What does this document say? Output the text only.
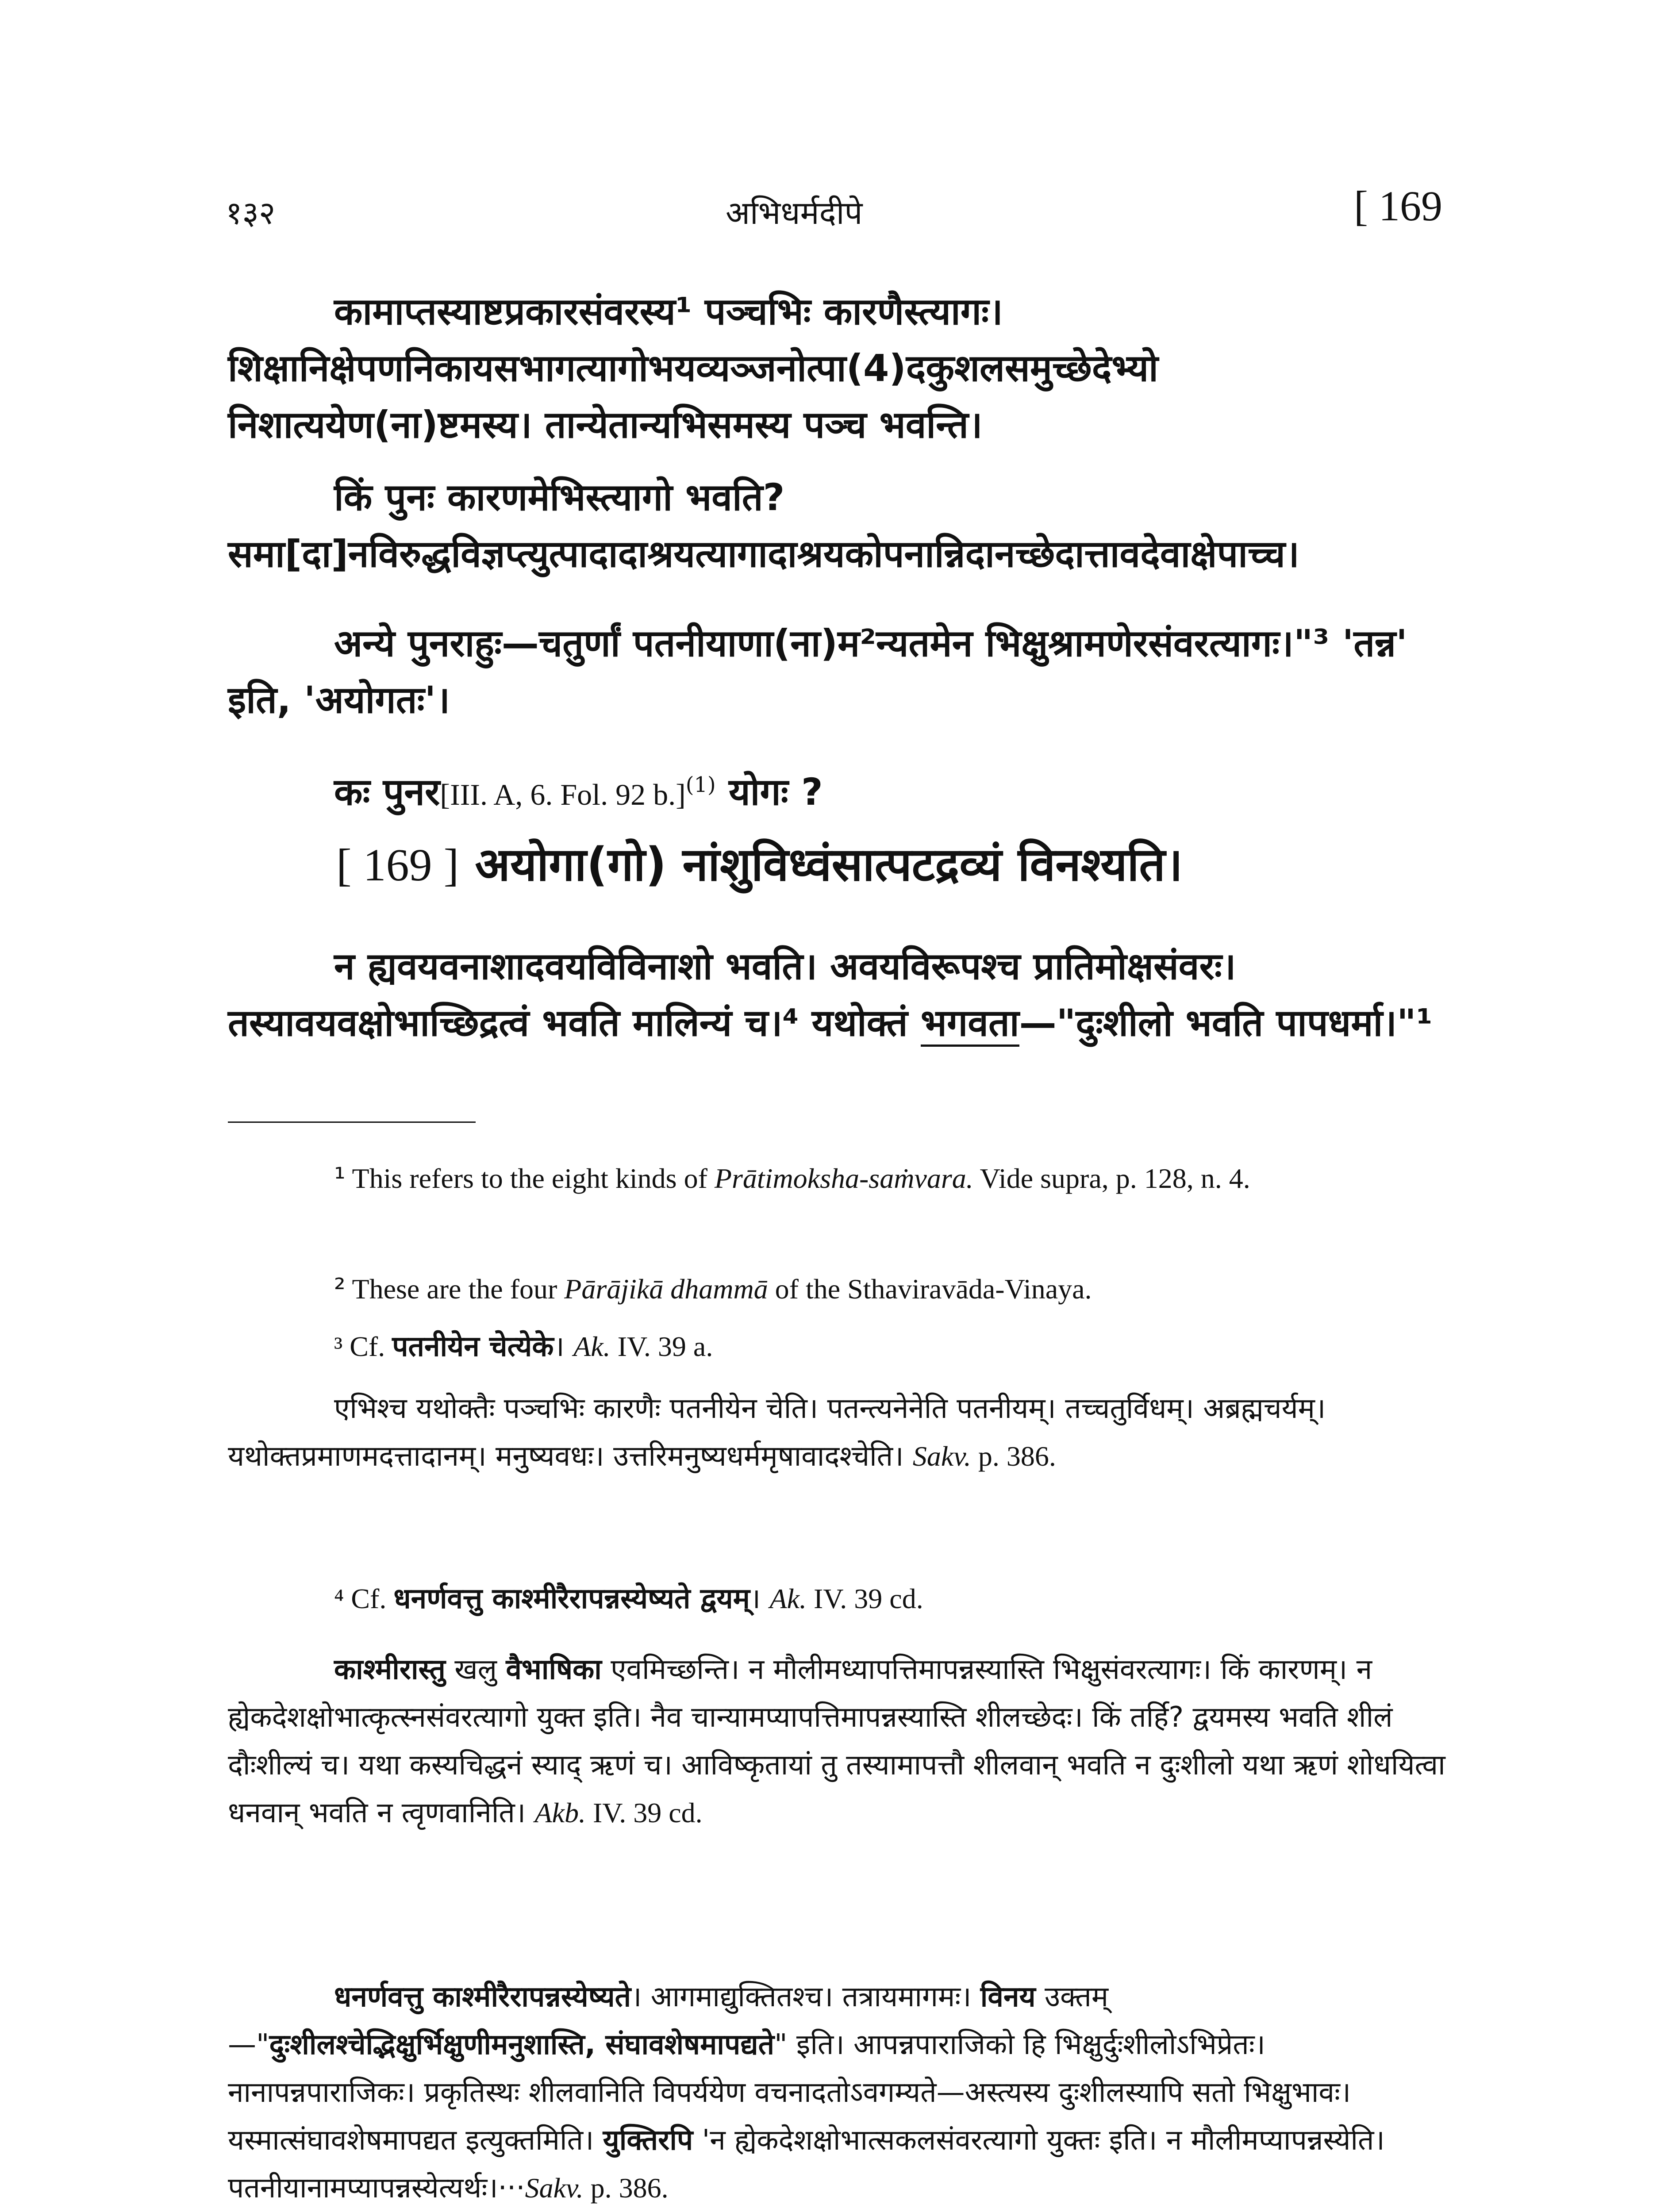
१३२	अभिधर्मदीपे	[ 169

कामाप्तस्याष्टप्रकारसंवरस्य¹ पञ्चभिः कारणैस्त्यागः। शिक्षानिक्षेपणनिकायसभागत्यागोभयव्यञ्जनोत्पा(4)दकुशलसमुच्छेदेभ्यो निशात्ययेण(ना)ष्टमस्य। तान्येतान्यभिसमस्य पञ्च भवन्ति।

किं पुनः कारणमेभिस्त्यागो भवति? समा[दा]नविरुद्धविज्ञप्त्युत्पादादाश्रयत्यागादाश्रयकोपनान्निदानच्छेदात्तावदेवाक्षेपाच्च।

अन्ये पुनराहुः—चतुर्णां पतनीयाणा(ना)म²न्यतमेन भिक्षुश्रामणेरसंवरत्यागः।"³ 'तन्न' इति, 'अयोगतः'।

कः पुनर[III. A, 6. Fol. 92 b.]$^{(1)}$ योगः ?

[ 169 ] अयोगा(गो) नांशुविध्वंसात्पटद्रव्यं विनश्यति।

न ह्यवयवनाशादवयविविनाशो भवति। अवयविरूपश्च प्रातिमोक्षसंवरः। तस्यावयवक्षोभाच्छिद्रत्वं भवति मालिन्यं च।⁴ यथोक्तं भगवता—"दुःशीलो भवति पापधर्मा।"¹

¹ This refers to the eight kinds of Prātimoksha-saṁvara. Vide supra, p. 128, n. 4.

² These are the four Pārājikā dhammā of the Sthaviravāda-Vinaya.

³ Cf. पतनीयेन चेत्येके। Ak. IV. 39 a.

एभिश्च यथोक्तैः पञ्चभिः कारणैः पतनीयेन चेति। पतन्त्यनेनेति पतनीयम्। तच्चतुर्विधम्। अब्रह्मचर्यम्। यथोक्तप्रमाणमदत्तादानम्। मनुष्यवधः। उत्तरिमनुष्यधर्ममृषावादश्चेति। Sakv. p. 386.

⁴ Cf. धनर्णवत्तु काश्मीरैरापन्नस्येष्यते द्वयम्। Ak. IV. 39 cd.

काश्मीरास्तु खलु वैभाषिका एवमिच्छन्ति। न मौलीमध्यापत्तिमापन्नस्यास्ति भिक्षुसंवरत्यागः। किं कारणम्। न ह्येकदेशक्षोभात्कृत्स्नसंवरत्यागो युक्त इति। नैव चान्यामप्यापत्तिमापन्नस्यास्ति शीलच्छेदः। किं तर्हि? द्वयमस्य भवति शीलं दौःशील्यं च। यथा कस्यचिद्धनं स्याद् ऋणं च। आविष्कृतायां तु तस्यामापत्तौ शीलवान् भवति न दुःशीलो यथा ऋणं शोधयित्वा धनवान् भवति न त्वृणवानिति। Akb. IV. 39 cd.

धनर्णवत्तु काश्मीरैरापन्नस्येष्यते। आगमाद्युक्तितश्च। तत्रायमागमः। विनय उक्तम्—"दुःशीलश्चेद्भिक्षुर्भिक्षुणीमनुशास्ति, संघावशेषमापद्यते" इति। आपन्नपाराजिको हि भिक्षुर्दुःशीलोऽभिप्रेतः। नानापन्नपाराजिकः। प्रकृतिस्थः शीलवानिति विपर्ययेण वचनादतोऽवगम्यते—अस्त्यस्य दुःशीलस्यापि सतो भिक्षुभावः। यस्मात्संघावशेषमापद्यत इत्युक्तमिति। युक्तिरपि 'न ह्येकदेशक्षोभात्सकलसंवरत्यागो युक्तः इति। न मौलीमप्यापन्नस्येति। पतनीयानामप्यापन्नस्येत्यर्थः।···Sakv. p. 386.
